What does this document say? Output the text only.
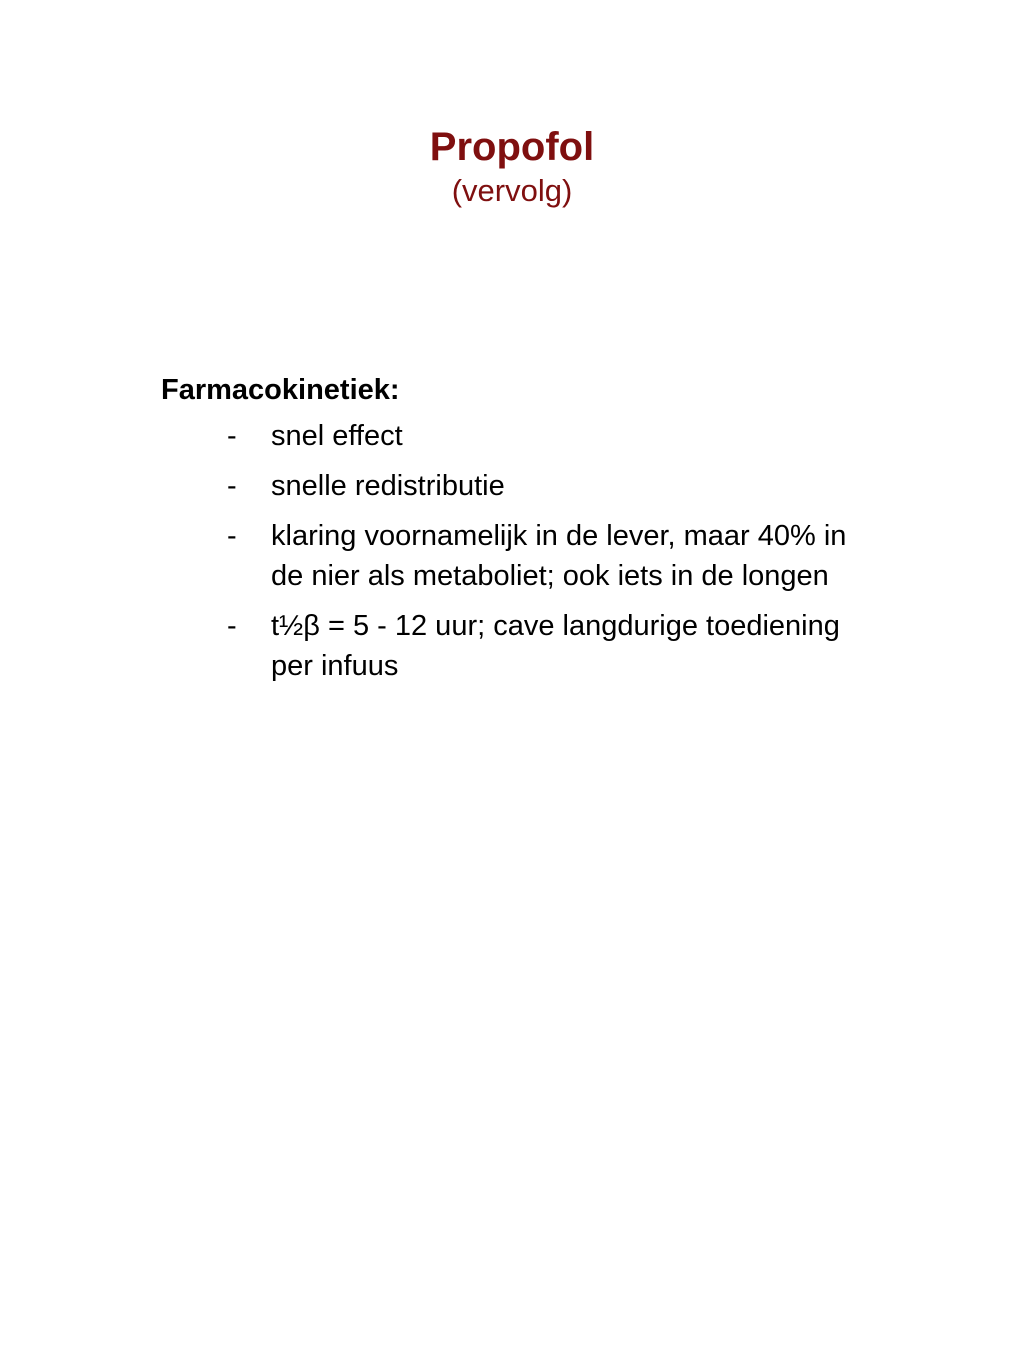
Propofol

(vervolg)

Farmacokinetiek:

- snel effect
- snelle redistributie
- klaring voornamelijk in de lever, maar 40% in de nier als metaboliet; ook iets in de longen
- t½β = 5 - 12 uur; cave langdurige toediening per infuus
